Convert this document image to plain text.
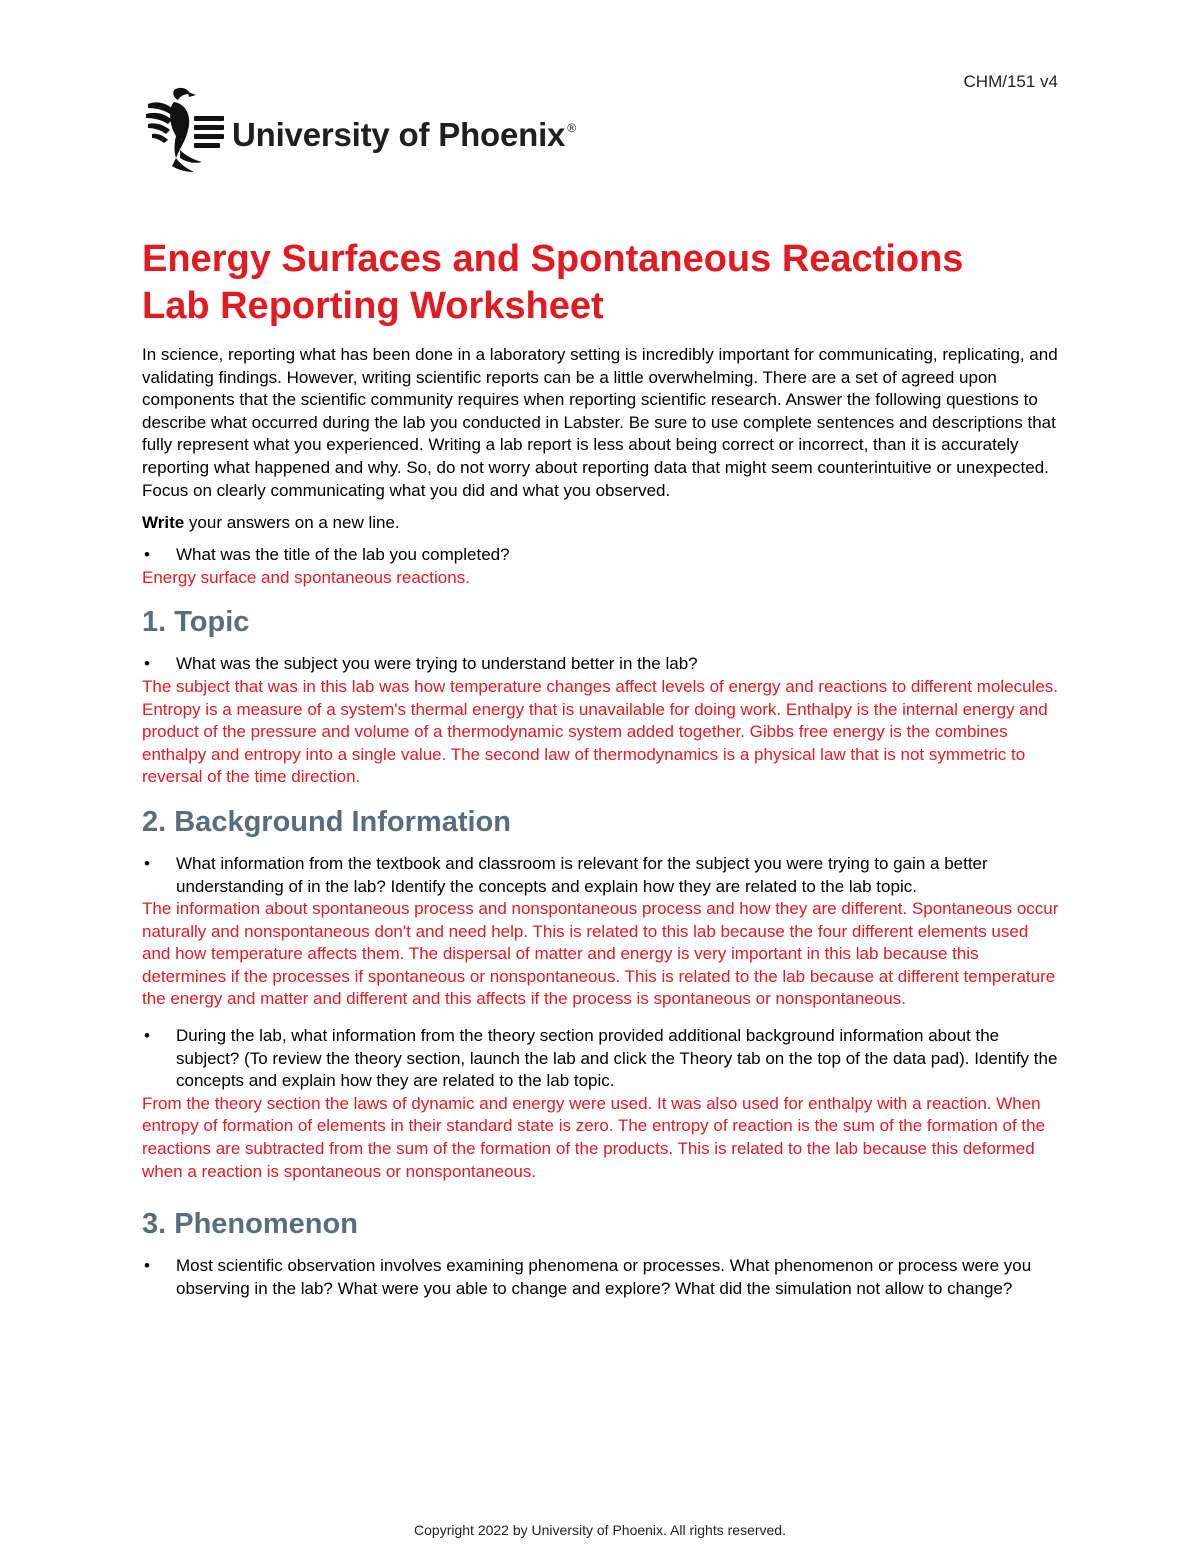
CHM/151 v4
University of Phoenix ®
Energy Surfaces and Spontaneous Reactions
Lab Reporting Worksheet

In science, reporting what has been done in a laboratory setting is incredibly important for communicating, replicating, and validating findings. However, writing scientific reports can be a little overwhelming. There are a set of agreed upon components that the scientific community requires when reporting scientific research. Answer the following questions to describe what occurred during the lab you conducted in Labster. Be sure to use complete sentences and descriptions that fully represent what you experienced. Writing a lab report is less about being correct or incorrect, than it is accurately reporting what happened and why. So, do not worry about reporting data that might seem counterintuitive or unexpected. Focus on clearly communicating what you did and what you observed.

Write your answers on a new line.

• What was the title of the lab you completed?

Energy surface and spontaneous reactions.

1. Topic

• What was the subject you were trying to understand better in the lab?

The subject that was in this lab was how temperature changes affect levels of energy and reactions to different molecules. Entropy is a measure of a system's thermal energy that is unavailable for doing work. Enthalpy is the internal energy and product of the pressure and volume of a thermodynamic system added together. Gibbs free energy is the combines enthalpy and entropy into a single value. The second law of thermodynamics is a physical law that is not symmetric to reversal of the time direction.

2. Background Information

• What information from the textbook and classroom is relevant for the subject you were trying to gain a better understanding of in the lab? Identify the concepts and explain how they are related to the lab topic.

The information about spontaneous process and nonspontaneous process and how they are different. Spontaneous occur naturally and nonspontaneous don't and need help. This is related to this lab because the four different elements used and how temperature affects them. The dispersal of matter and energy is very important in this lab because this determines if the processes if spontaneous or nonspontaneous. This is related to the lab because at different temperature the energy and matter and different and this affects if the process is spontaneous or nonspontaneous.

• During the lab, what information from the theory section provided additional background information about the subject? (To review the theory section, launch the lab and click the Theory tab on the top of the data pad). Identify the concepts and explain how they are related to the lab topic.

From the theory section the laws of dynamic and energy were used. It was also used for enthalpy with a reaction. When entropy of formation of elements in their standard state is zero. The entropy of reaction is the sum of the formation of the reactions are subtracted from the sum of the formation of the products. This is related to the lab because this deformed when a reaction is spontaneous or nonspontaneous.

3. Phenomenon

• Most scientific observation involves examining phenomena or processes. What phenomenon or process were you observing in the lab? What were you able to change and explore? What did the simulation not allow to change?

Copyright 2022 by University of Phoenix. All rights reserved.
